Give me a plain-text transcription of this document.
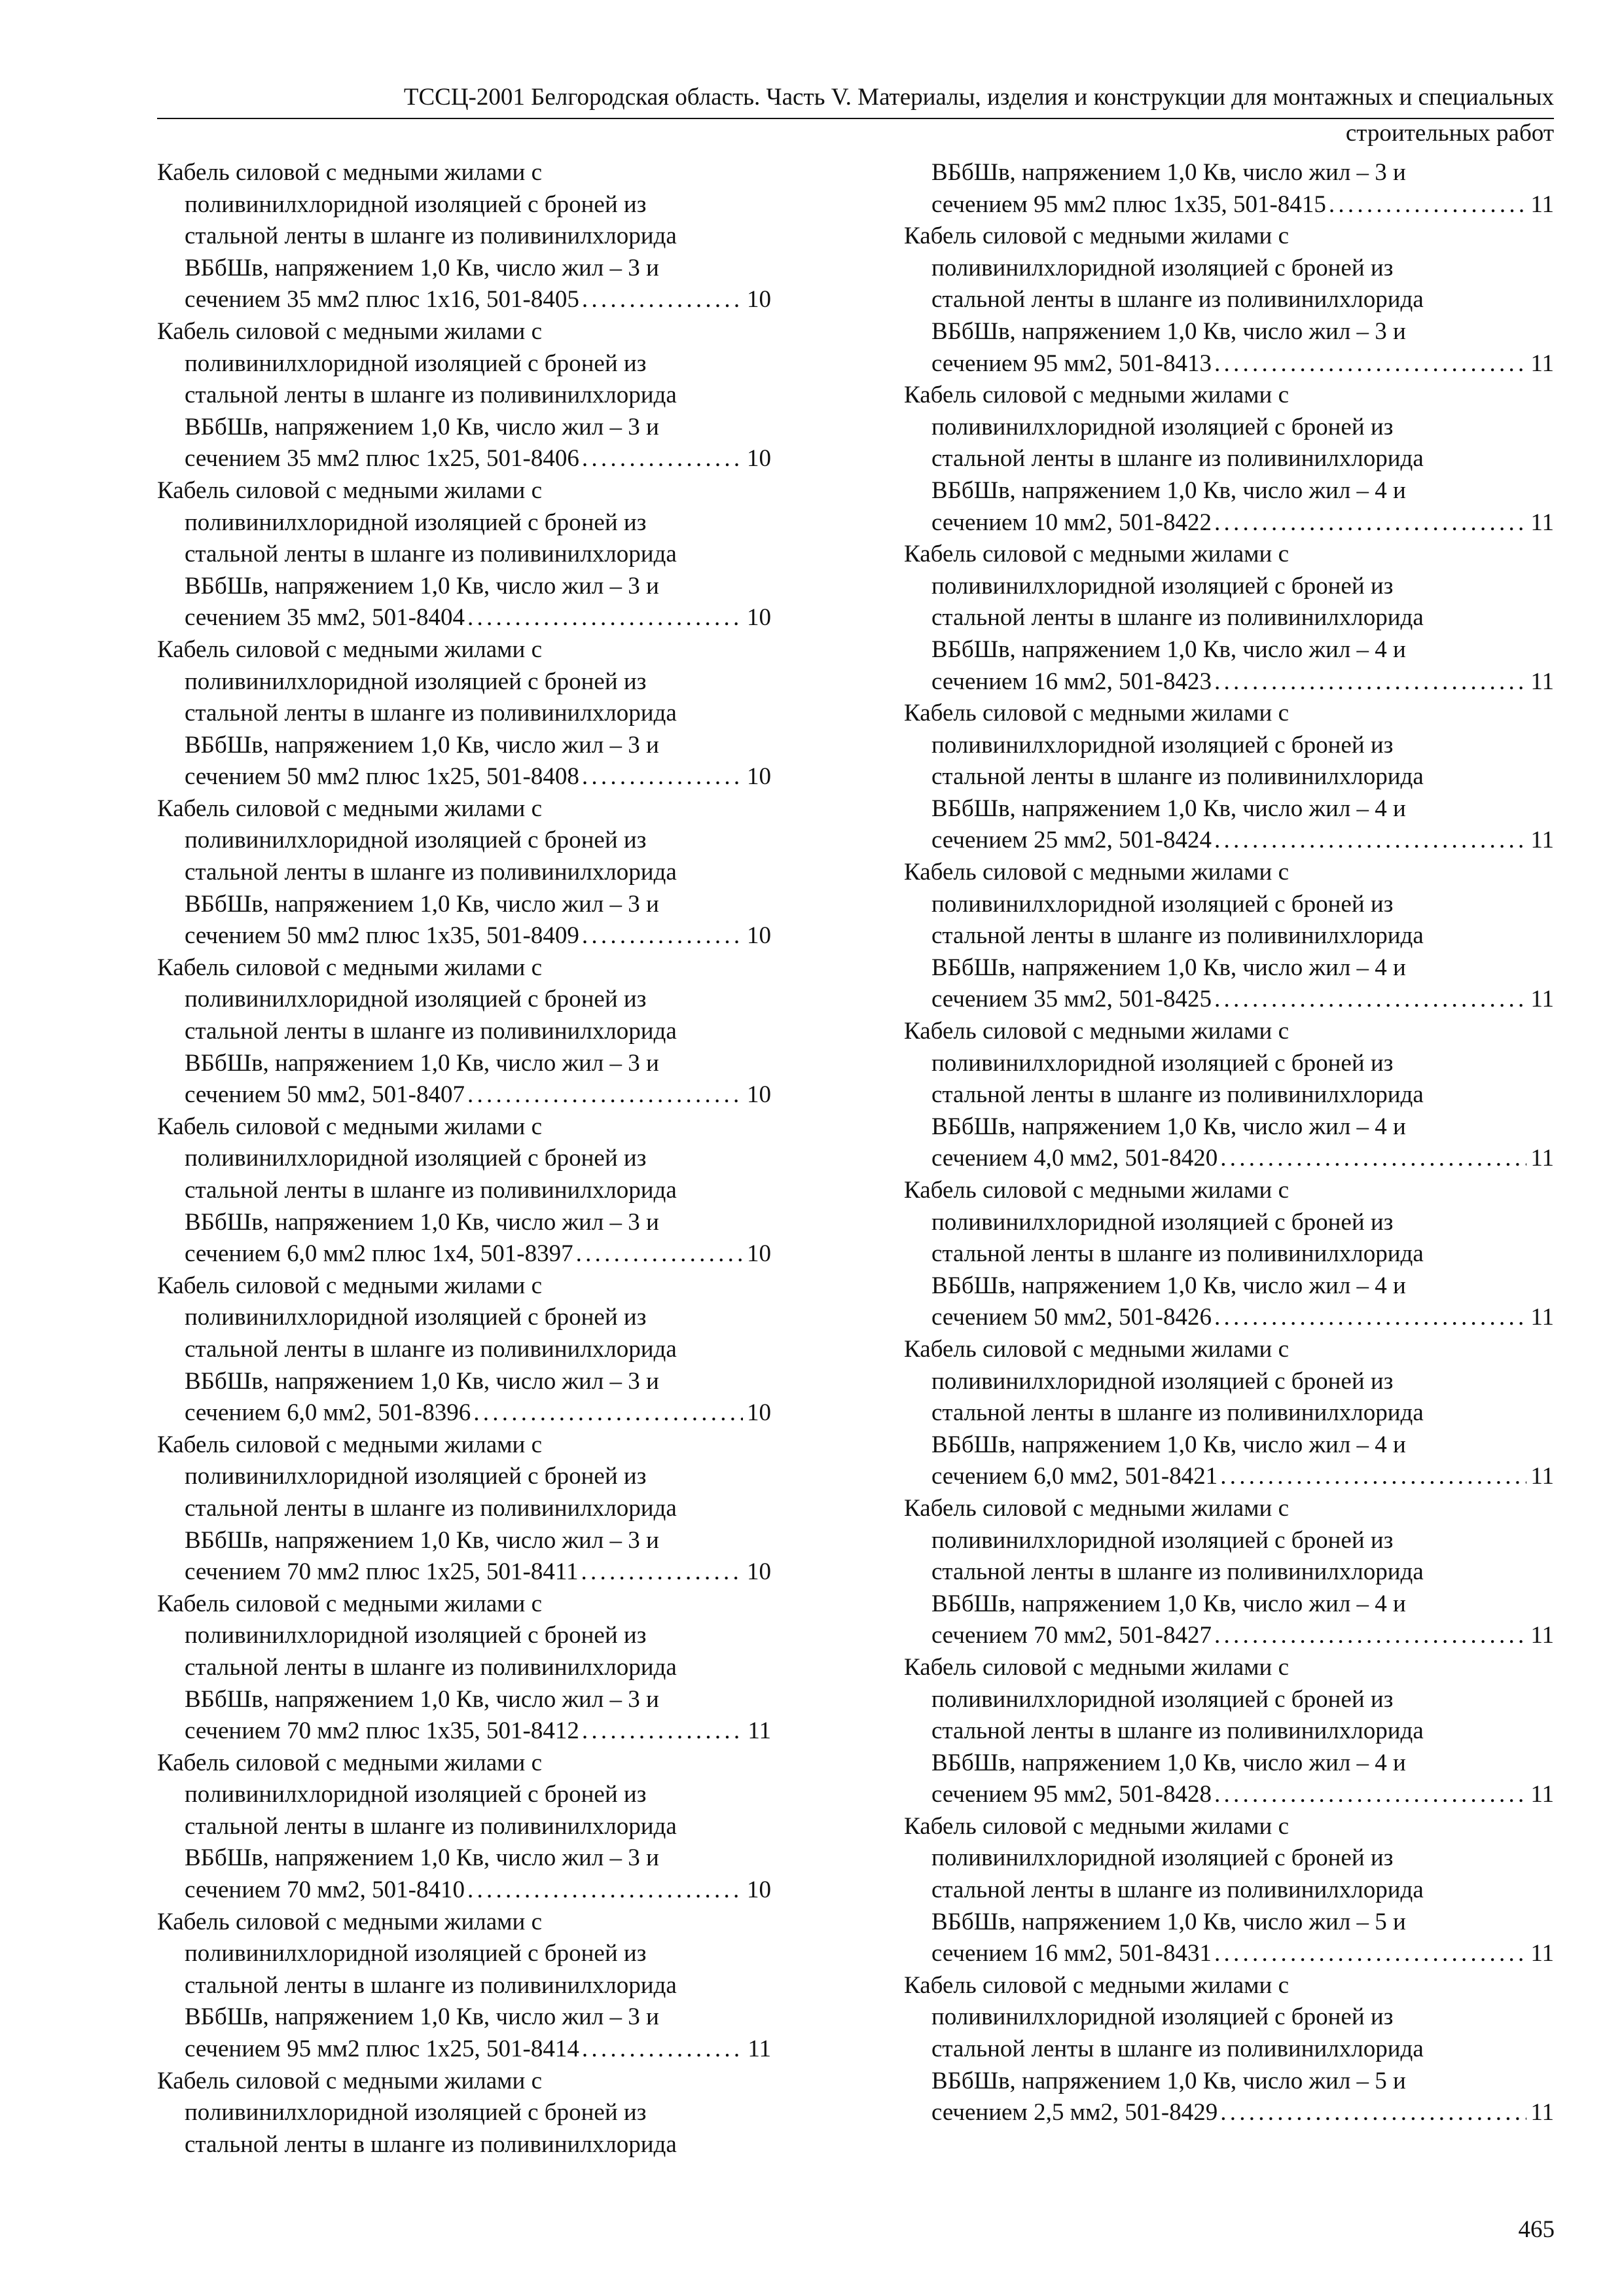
ТССЦ-2001 Белгородская область. Часть V. Материалы, изделия и конструкции для монтажных и специальных
строительных работ
Кабель силовой с медными жилами с
поливинилхлоридной изоляцией с броней из
стальной ленты в шланге из поливинилхлорида
ВБбШв, напряжением 1,0 Кв, число жил – 3 и
сечением 35 мм2 плюс 1х16, 501-8405 . . .	10
Кабель силовой с медными жилами с
поливинилхлоридной изоляцией с броней из
стальной ленты в шланге из поливинилхлорида
ВБбШв, напряжением 1,0 Кв, число жил – 3 и
сечением 35 мм2 плюс 1х25, 501-8406 . . .	10
Кабель силовой с медными жилами с
поливинилхлоридной изоляцией с броней из
стальной ленты в шланге из поливинилхлорида
ВБбШв, напряжением 1,0 Кв, число жил – 3 и
сечением 35 мм2, 501-8404 . . .	10
Кабель силовой с медными жилами с
поливинилхлоридной изоляцией с броней из
стальной ленты в шланге из поливинилхлорида
ВБбШв, напряжением 1,0 Кв, число жил – 3 и
сечением 50 мм2 плюс 1х25, 501-8408 . . .	10
Кабель силовой с медными жилами с
поливинилхлоридной изоляцией с броней из
стальной ленты в шланге из поливинилхлорида
ВБбШв, напряжением 1,0 Кв, число жил – 3 и
сечением 50 мм2 плюс 1х35, 501-8409 . . .	10
Кабель силовой с медными жилами с
поливинилхлоридной изоляцией с броней из
стальной ленты в шланге из поливинилхлорида
ВБбШв, напряжением 1,0 Кв, число жил – 3 и
сечением 50 мм2, 501-8407 . . .	10
Кабель силовой с медными жилами с
поливинилхлоридной изоляцией с броней из
стальной ленты в шланге из поливинилхлорида
ВБбШв, напряжением 1,0 Кв, число жил – 3 и
сечением 6,0 мм2 плюс 1х4, 501-8397 . . .	10
Кабель силовой с медными жилами с
поливинилхлоридной изоляцией с броней из
стальной ленты в шланге из поливинилхлорида
ВБбШв, напряжением 1,0 Кв, число жил – 3 и
сечением 6,0 мм2, 501-8396 . . .	10
Кабель силовой с медными жилами с
поливинилхлоридной изоляцией с броней из
стальной ленты в шланге из поливинилхлорида
ВБбШв, напряжением 1,0 Кв, число жил – 3 и
сечением 70 мм2 плюс 1х25, 501-8411 . . .	10
Кабель силовой с медными жилами с
поливинилхлоридной изоляцией с броней из
стальной ленты в шланге из поливинилхлорида
ВБбШв, напряжением 1,0 Кв, число жил – 3 и
сечением 70 мм2 плюс 1х35, 501-8412 . . .	11
Кабель силовой с медными жилами с
поливинилхлоридной изоляцией с броней из
стальной ленты в шланге из поливинилхлорида
ВБбШв, напряжением 1,0 Кв, число жил – 3 и
сечением 70 мм2, 501-8410 . . .	10
Кабель силовой с медными жилами с
поливинилхлоридной изоляцией с броней из
стальной ленты в шланге из поливинилхлорида
ВБбШв, напряжением 1,0 Кв, число жил – 3 и
сечением 95 мм2 плюс 1х25, 501-8414 . . .	11
Кабель силовой с медными жилами с
поливинилхлоридной изоляцией с броней из
стальной ленты в шланге из поливинилхлорида
ВБбШв, напряжением 1,0 Кв, число жил – 3 и
сечением 95 мм2 плюс 1х35, 501-8415 . . .	11
Кабель силовой с медными жилами с
поливинилхлоридной изоляцией с броней из
стальной ленты в шланге из поливинилхлорида
ВБбШв, напряжением 1,0 Кв, число жил – 3 и
сечением 95 мм2, 501-8413 . . .	11
Кабель силовой с медными жилами с
поливинилхлоридной изоляцией с броней из
стальной ленты в шланге из поливинилхлорида
ВБбШв, напряжением 1,0 Кв, число жил – 4 и
сечением 10 мм2, 501-8422 . . .	11
Кабель силовой с медными жилами с
поливинилхлоридной изоляцией с броней из
стальной ленты в шланге из поливинилхлорида
ВБбШв, напряжением 1,0 Кв, число жил – 4 и
сечением 16 мм2, 501-8423 . . .	11
Кабель силовой с медными жилами с
поливинилхлоридной изоляцией с броней из
стальной ленты в шланге из поливинилхлорида
ВБбШв, напряжением 1,0 Кв, число жил – 4 и
сечением 25 мм2, 501-8424 . . .	11
Кабель силовой с медными жилами с
поливинилхлоридной изоляцией с броней из
стальной ленты в шланге из поливинилхлорида
ВБбШв, напряжением 1,0 Кв, число жил – 4 и
сечением 35 мм2, 501-8425 . . .	11
Кабель силовой с медными жилами с
поливинилхлоридной изоляцией с броней из
стальной ленты в шланге из поливинилхлорида
ВБбШв, напряжением 1,0 Кв, число жил – 4 и
сечением 4,0 мм2, 501-8420 . . .	11
Кабель силовой с медными жилами с
поливинилхлоридной изоляцией с броней из
стальной ленты в шланге из поливинилхлорида
ВБбШв, напряжением 1,0 Кв, число жил – 4 и
сечением 50 мм2, 501-8426 . . .	11
Кабель силовой с медными жилами с
поливинилхлоридной изоляцией с броней из
стальной ленты в шланге из поливинилхлорида
ВБбШв, напряжением 1,0 Кв, число жил – 4 и
сечением 6,0 мм2, 501-8421 . . .	11
Кабель силовой с медными жилами с
поливинилхлоридной изоляцией с броней из
стальной ленты в шланге из поливинилхлорида
ВБбШв, напряжением 1,0 Кв, число жил – 4 и
сечением 70 мм2, 501-8427 . . .	11
Кабель силовой с медными жилами с
поливинилхлоридной изоляцией с броней из
стальной ленты в шланге из поливинилхлорида
ВБбШв, напряжением 1,0 Кв, число жил – 4 и
сечением 95 мм2, 501-8428 . . .	11
Кабель силовой с медными жилами с
поливинилхлоридной изоляцией с броней из
стальной ленты в шланге из поливинилхлорида
ВБбШв, напряжением 1,0 Кв, число жил – 5 и
сечением 16 мм2, 501-8431 . . .	11
Кабель силовой с медными жилами с
поливинилхлоридной изоляцией с броней из
стальной ленты в шланге из поливинилхлорида
ВБбШв, напряжением 1,0 Кв, число жил – 5 и
сечением 2,5 мм2, 501-8429 . . .	11
465
